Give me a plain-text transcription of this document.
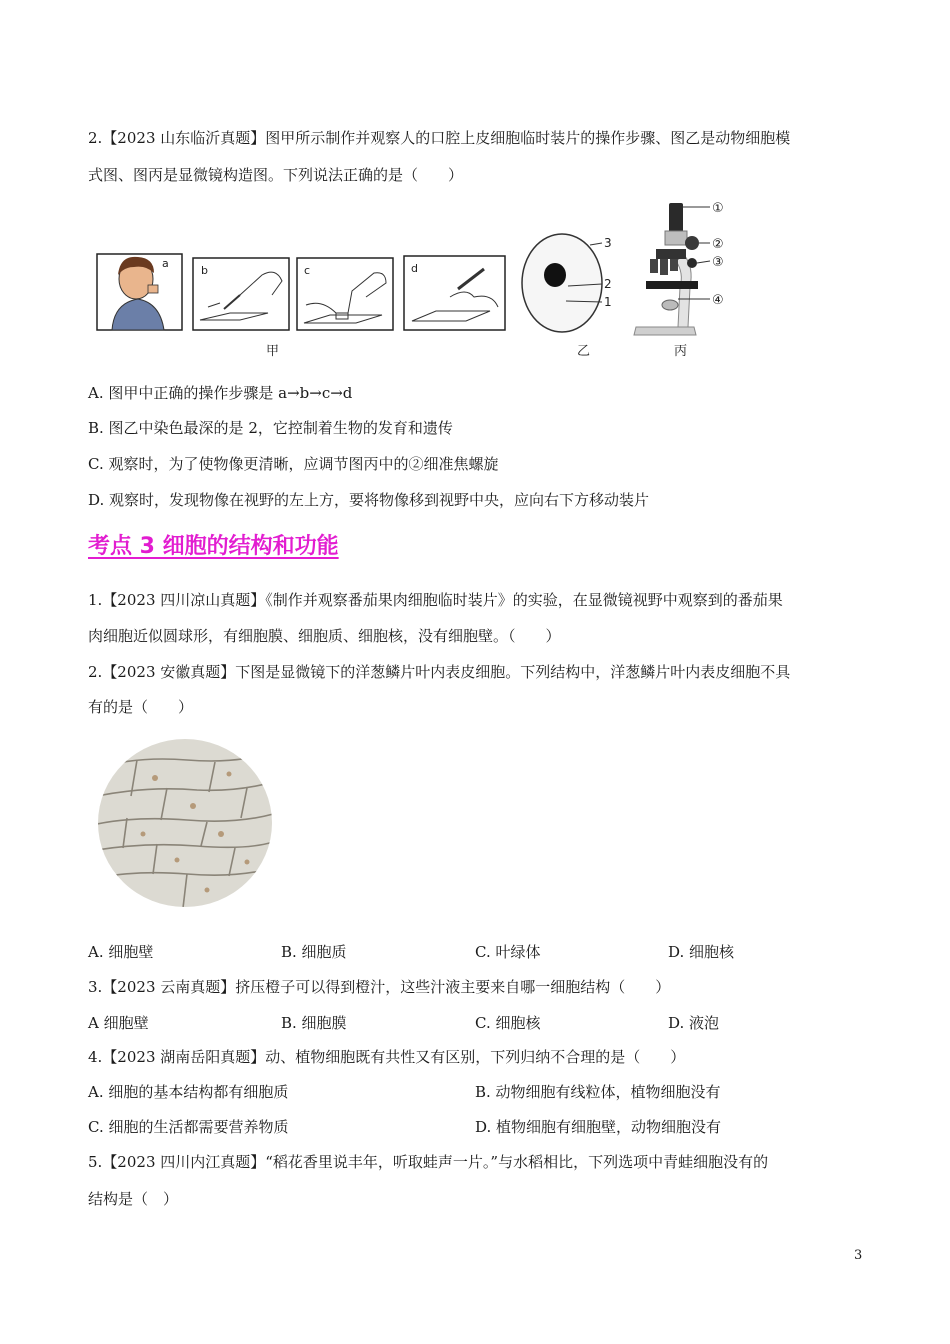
2.【2023 山东临沂真题】图甲所示制作并观察人的口腔上皮细胞临时装片的操作步骤、图乙是动物细胞模
式图、图丙是显微镜构造图。下列说法正确的是（　　）
a
b	c	d
甲
3
2
1
乙
①
②
③
④
丙
A. 图甲中正确的操作步骤是 a→b→c→d
B. 图乙中染色最深的是 2，它控制着生物的发育和遗传
C. 观察时，为了使物像更清晰，应调节图丙中的②细准焦螺旋
D. 观察时，发现物像在视野的左上方，要将物像移到视野中央，应向右下方移动装片
考点 3 细胞的结构和功能
1.【2023 四川凉山真题】《制作并观察番茄果肉细胞临时装片》的实验，在显微镜视野中观察到的番茄果
肉细胞近似圆球形，有细胞膜、细胞质、细胞核，没有细胞壁。（　　）
2.【2023 安徽真题】下图是显微镜下的洋葱鳞片叶内表皮细胞。下列结构中，洋葱鳞片叶内表皮细胞不具
有的是（　　）
A. 细胞壁	B. 细胞质	C. 叶绿体	D. 细胞核
3.【2023 云南真题】挤压橙子可以得到橙汁，这些汁液主要来自哪一细胞结构（　　）
A 细胞壁	B. 细胞膜	C. 细胞核	D. 液泡
4.【2023 湖南岳阳真题】动、植物细胞既有共性又有区别，下列归纳不合理的是（　　）
A. 细胞的基本结构都有细胞质	B. 动物细胞有线粒体，植物细胞没有
C. 细胞的生活都需要营养物质	D. 植物细胞有细胞壁，动物细胞没有
5.【2023 四川内江真题】“稻花香里说丰年，听取蛙声一片。”与水稻相比，下列选项中青蛙细胞没有的
结构是（　）
3
